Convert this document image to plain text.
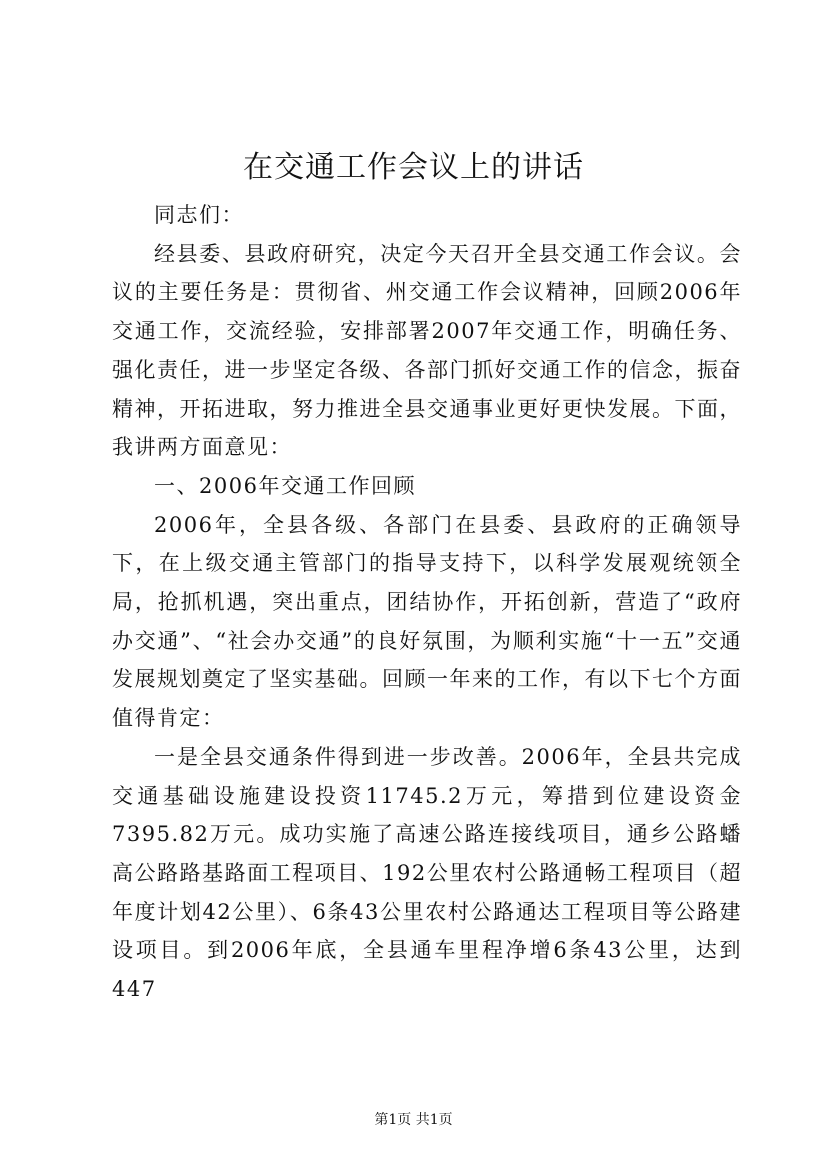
在交通工作会议上的讲话

同志们：

经县委、县政府研究，决定今天召开全县交通工作会议。会议的主要任务是：贯彻省、州交通工作会议精神，回顾2006年交通工作，交流经验，安排部署2007年交通工作，明确任务、强化责任，进一步坚定各级、各部门抓好交通工作的信念，振奋精神，开拓进取，努力推进全县交通事业更好更快发展。下面，我讲两方面意见：

一、2006年交通工作回顾

2006年，全县各级、各部门在县委、县政府的正确领导下，在上级交通主管部门的指导支持下，以科学发展观统领全局，抢抓机遇，突出重点，团结协作，开拓创新，营造了“政府办交通”、“社会办交通”的良好氛围，为顺利实施“十一五”交通发展规划奠定了坚实基础。回顾一年来的工作，有以下七个方面值得肯定：

一是全县交通条件得到进一步改善。2006年，全县共完成交通基础设施建设投资11745.2万元，筹措到位建设资金7395.82万元。成功实施了高速公路连接线项目，通乡公路蟠高公路路基路面工程项目、192公里农村公路通畅工程项目（超年度计划42公里）、6条43公里农村公路通达工程项目等公路建设项目。到2006年底，全县通车里程净增6条43公里，达到447

第1页 共1页
